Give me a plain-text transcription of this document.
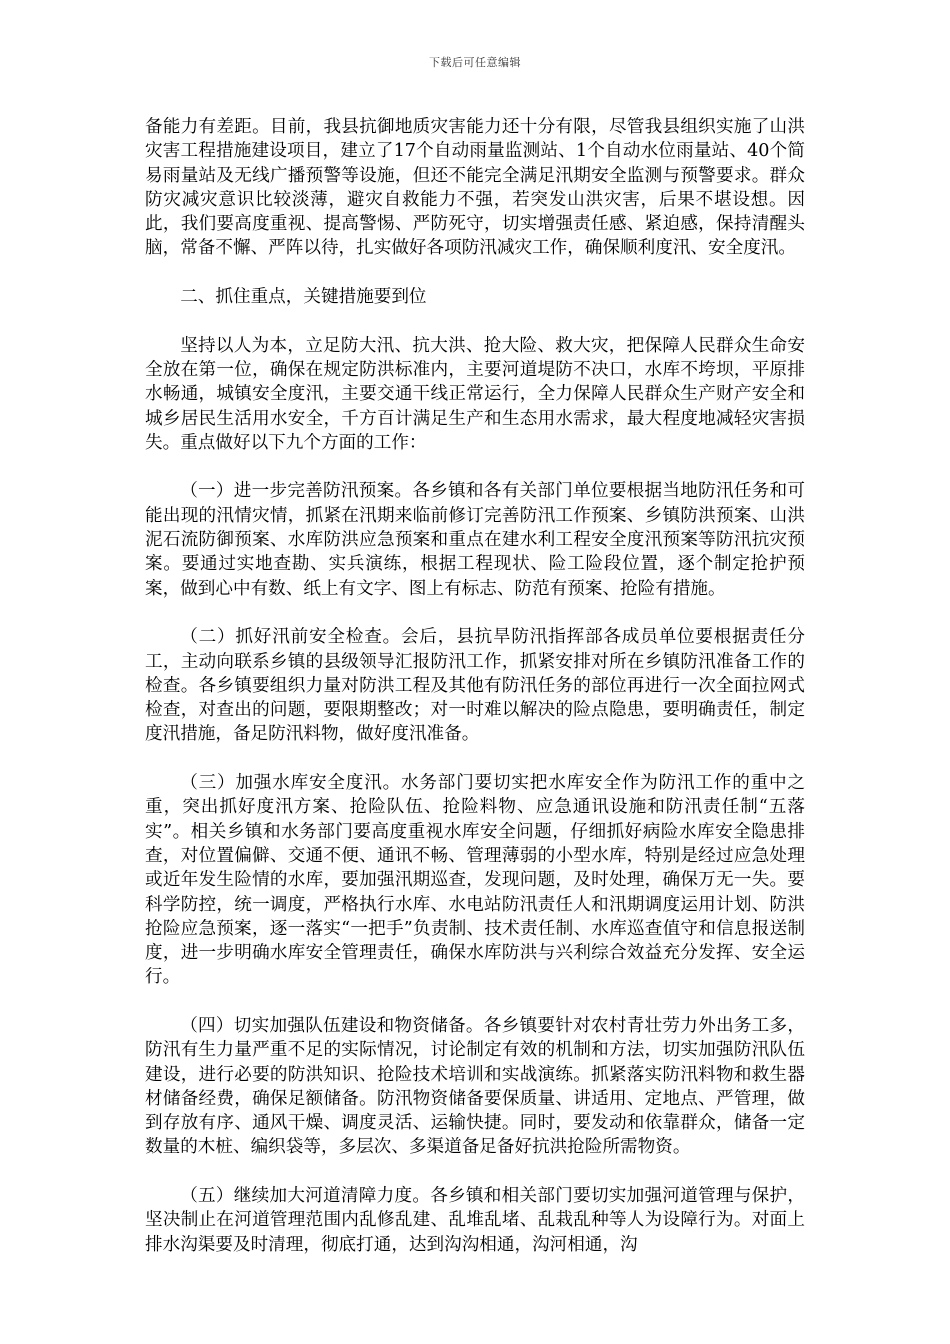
下载后可任意编辑

备能力有差距。目前，我县抗御地质灾害能力还十分有限，尽管我县组织实施了山洪灾害工程措施建设项目，建立了17个自动雨量监测站、1个自动水位雨量站、40个简易雨量站及无线广播预警等设施，但还不能完全满足汛期安全监测与预警要求。群众防灾减灾意识比较淡薄，避灾自救能力不强，若突发山洪灾害，后果不堪设想。因此，我们要高度重视、提高警惕、严防死守，切实增强责任感、紧迫感，保持清醒头脑，常备不懈、严阵以待，扎实做好各项防汛减灾工作，确保顺利度汛、安全度汛。

二、抓住重点，关键措施要到位

坚持以人为本，立足防大汛、抗大洪、抢大险、救大灾，把保障人民群众生命安全放在第一位，确保在规定防洪标准内，主要河道堤防不决口，水库不垮坝，平原排水畅通，城镇安全度汛，主要交通干线正常运行，全力保障人民群众生产财产安全和城乡居民生活用水安全，千方百计满足生产和生态用水需求，最大程度地减轻灾害损失。重点做好以下九个方面的工作：

（一）进一步完善防汛预案。各乡镇和各有关部门单位要根据当地防汛任务和可能出现的汛情灾情，抓紧在汛期来临前修订完善防汛工作预案、乡镇防洪预案、山洪泥石流防御预案、水库防洪应急预案和重点在建水利工程安全度汛预案等防汛抗灾预案。要通过实地查勘、实兵演练，根据工程现状、险工险段位置，逐个制定抢护预案，做到心中有数、纸上有文字、图上有标志、防范有预案、抢险有措施。

（二）抓好汛前安全检查。会后，县抗旱防汛指挥部各成员单位要根据责任分工，主动向联系乡镇的县级领导汇报防汛工作，抓紧安排对所在乡镇防汛准备工作的检查。各乡镇要组织力量对防洪工程及其他有防汛任务的部位再进行一次全面拉网式检查，对查出的问题，要限期整改；对一时难以解决的险点隐患，要明确责任，制定度汛措施，备足防汛料物，做好度汛准备。

（三）加强水库安全度汛。水务部门要切实把水库安全作为防汛工作的重中之重，突出抓好度汛方案、抢险队伍、抢险料物、应急通讯设施和防汛责任制“五落实”。相关乡镇和水务部门要高度重视水库安全问题，仔细抓好病险水库安全隐患排查，对位置偏僻、交通不便、通讯不畅、管理薄弱的小型水库，特别是经过应急处理或近年发生险情的水库，要加强汛期巡查，发现问题，及时处理，确保万无一失。要科学防控，统一调度，严格执行水库、水电站防汛责任人和汛期调度运用计划、防洪抢险应急预案，逐一落实“一把手”负责制、技术责任制、水库巡查值守和信息报送制度，进一步明确水库安全管理责任，确保水库防洪与兴利综合效益充分发挥、安全运行。

（四）切实加强队伍建设和物资储备。各乡镇要针对农村青壮劳力外出务工多，防汛有生力量严重不足的实际情况，讨论制定有效的机制和方法，切实加强防汛队伍建设，进行必要的防洪知识、抢险技术培训和实战演练。抓紧落实防汛料物和救生器材储备经费，确保足额储备。防汛物资储备要保质量、讲适用、定地点、严管理，做到存放有序、通风干燥、调度灵活、运输快捷。同时，要发动和依靠群众，储备一定数量的木桩、编织袋等，多层次、多渠道备足备好抗洪抢险所需物资。

（五）继续加大河道清障力度。各乡镇和相关部门要切实加强河道管理与保护，坚决制止在河道管理范围内乱修乱建、乱堆乱堵、乱栽乱种等人为设障行为。对面上排水沟渠要及时清理，彻底打通，达到沟沟相通，沟河相通，沟
